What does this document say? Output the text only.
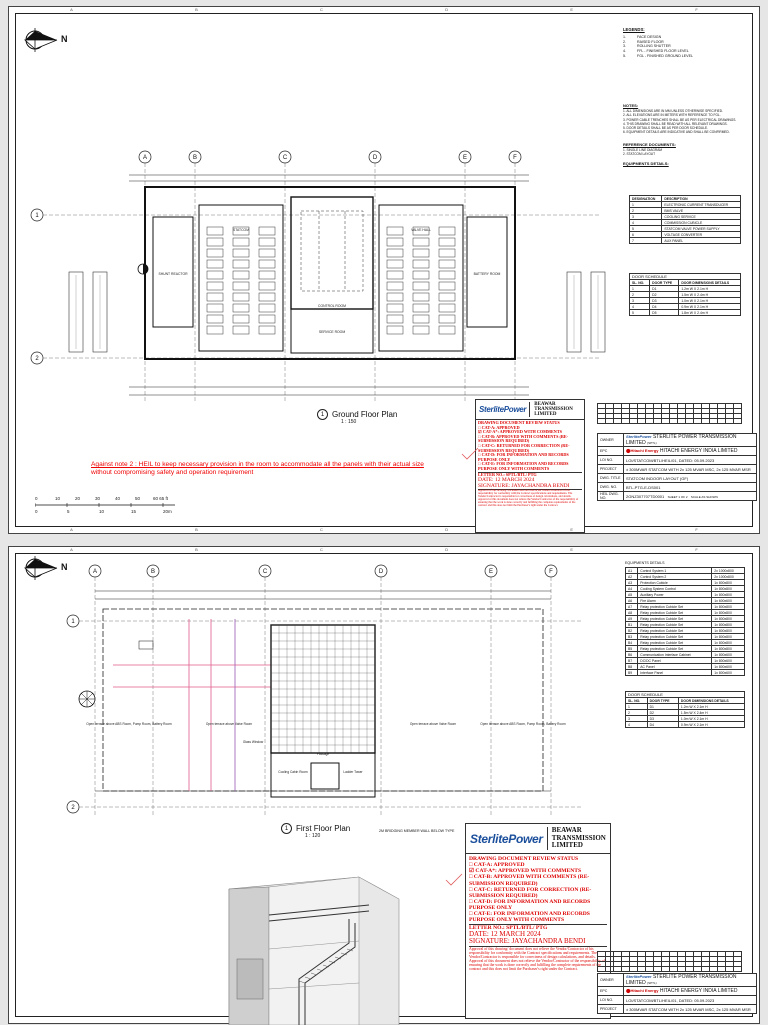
A	B	C	D	E	F
N
A	B	C	D	E	F
1
2
SHUNT REACTOR
STATCOM
CONTROL ROOM
SERVICE ROOM
VALVE HALL
BATTERY ROOM
1 Ground Floor Plan
1 : 150
LEGENDS:
1.	FACE DESIGN
2.	RAISED FLOOR
3.	ROLLING SHUTTER
4.	FFL - FINISHED FLOOR LEVEL
5.	FGL - FINISHED GROUND LEVEL
NOTES:
1. ALL DIMENSIONS ARE IN MM UNLESS OTHERWISE SPECIFIED.
2. ALL ELEVATIONS ARE IN METERS WITH REFERENCE TO FGL.
3. POWER CABLE TRENCHES SHALL BE AS PER ELECTRICAL DRAWINGS.
4. THIS DRAWING SHALL BE READ WITH ALL RELEVANT DRAWINGS.
5. DOOR DETAILS SHALL BE AS PER DOOR SCHEDULE.
6. EQUIPMENT DETAILS ARE INDICATIVE AND SHALL BE CONFIRMED.
REFERENCE DOCUMENTS:
1. SINGLE LINE DIAGRAM
2. STATCOM LAYOUT
EQUIPMENTS DETAILS:
DESIGNATION	DESCRIPTION
1	ELECTRONIC CURRENT TRANSDUCER
2	BMS VALVE
3	COOLING SERVICE
4	COMMISSION CUBICLE
5	STATCOM VALVE POWER SUPPLY
6	VOLTAGE CONVERTER
7	AUX PANEL
DOOR SCHEDULE		
SL. NO.	DOOR TYPE	DOOR DIMENSIONS DETAILS
1	D1	1.2m W X 2.1m H
2	D2	1.5m W X 2.4m H
3	D3	1.0m W X 2.1m H
4	D4	0.9m W X 2.1m H
5	D5	1.8m W X 2.4m H
SterlitePower
BEAWAR
TRANSMISSION
LIMITED
DRAWING DOCUMENT REVIEW STATUS
□ CAT-A: APPROVED
☑ CAT-A*: APPROVED WITH COMMENTS
□ CAT-B: APPROVED WITH COMMENTS (RE-SUBMISSION REQUIRED)
□ CAT-C: RETURNED FOR CORRECTION (RE-SUBMISSION REQUIRED)
□ CAT-D: FOR INFORMATION AND RECORDS PURPOSE ONLY
□ CAT-E: FOR INFORMATION AND RECORDS PURPOSE ONLY WITH COMMENTS
LETTER NO.: SPTL/BTL/ PTG
DATE: 12 MARCH 2024
SIGNATURE: JAYACHANDRA BENDI
Approval of this drawing/ document does not relieve the Vendor/Contractor of his responsibility for conformity with the Contract specifications and requirements. The Vendor/Contractor is responsible for correctness of design calculations, and details. Approval of this document does not relieve the Vendor/Contractor of the responsibility of ensuring that the work is done correctly and fulfilling the complete requirements of the contract and this does not limit the Purchaser's right under the Contract.
Against note 2 : HEIL to keep necessary provision in the room to accommodate all the panels with their actual size
without compromising safety and operation requirement
0	10	20	30	40	50	60 65 ft
0	5	10	15	20m

OWNER	SterlitePower STERLITE POWER TRANSMISSION LIMITED (SPTL)
EPC	⬤Hitachi Energy HITACHI ENERGY INDIA LIMITED
LOI NO.	LOI/STATCOM/BTL/HEIL/01, DATED: 05.09.2023
PROJECT	± 300MVAR STATCOM WITH 2x 125 MVAR MSC, 2x 125 MVAR MSR
DWG. TITLE	STATCOM INDOOR LAYOUT (GF)
DWG. NO.	BTL-PTG-E-DS001
HEIL DWG. NO.	2GNZ307707TD0001 SHEET 1 OF 2 SCALE AS SHOWN
A	B	C	D	E	F
A	B	C	D	E	F
N	A	B	C	D	E	F
1
2
Open terrace above ABS Room, Pump Room, Battery Room	Open terrace above Valve Room	Open terrace above Valve Room	Open terrace above ABS Room, Pump Room, Battery Room
Glass Window
Passage
Cooling Cabin Room	Ladder Tower
1 First Floor Plan
1 : 120
2M BRIDGING MEMBER WALL BELOW TYPE
EQUIPMENTS DETAILS
A1	Control System 1	2x 1000x800
A2	Control System 2	2x 1000x800
A3	Protection Cubicle	1x 800x800
A4	Cooling System Control	1x 800x800
A5	Auxiliary Power	1x 800x800
A6	Fire Alarm	1x 600x600
A7	Relay protection Cubicle Set	1x 800x800
A8	Relay protection Cubicle Set	1x 800x800
A9	Relay protection Cubicle Set	1x 800x800
B1	Relay protection Cubicle Set	1x 800x800
B2	Relay protection Cubicle Set	1x 800x800
B3	Relay protection Cubicle Set	1x 800x800
B4	Relay protection Cubicle Set	1x 800x800
B5	Relay protection Cubicle Set	1x 800x800
B6	Communication Interface Cabinet	1x 800x600
B7	DC/DC Panel	1x 800x600
B8	AC Panel	1x 800x600
B9	Interface Panel	1x 800x600
DOOR SCHEDULE		
SL. NO.	DOOR TYPE	DOOR DIMENSIONS DETAILS
1	D1	1.2m W X 2.1m H
2	D2	1.5m W X 2.4m H
3	D3	1.0m W X 2.1m H
4	D4	0.9m W X 2.1m H
SterlitePower
BEAWAR
TRANSMISSION
LIMITED
DRAWING DOCUMENT REVIEW STATUS
□ CAT-A: APPROVED
☑ CAT-A*: APPROVED WITH COMMENTS
□ CAT-B: APPROVED WITH COMMENTS (RE-SUBMISSION REQUIRED)
□ CAT-C: RETURNED FOR CORRECTION (RE-SUBMISSION REQUIRED)
□ CAT-D: FOR INFORMATION AND RECORDS PURPOSE ONLY
□ CAT-E: FOR INFORMATION AND RECORDS PURPOSE ONLY WITH COMMENTS
LETTER NO.: SPTL/BTL/ PTG
DATE: 12 MARCH 2024
SIGNATURE: JAYACHANDRA BENDI
Approval of this drawing/ document does not relieve the Vendor/Contractor of his responsibility for conformity with the Contract specifications and requirements. The Vendor/Contractor is responsible for correctness of design calculations, and details. Approval of this document does not relieve the Vendor/Contractor of the responsibility of ensuring that the work is done correctly and fulfilling the complete requirements of the contract and this does not limit the Purchaser's right under the Contract.

OWNER	SterlitePower STERLITE POWER TRANSMISSION LIMITED (SPTL)
EPC	⬤Hitachi Energy HITACHI ENERGY INDIA LIMITED
LOI NO.	LOI/STATCOM/BTL/HEIL/01, DATED: 05.09.2023
PROJECT	± 300MVAR STATCOM WITH 2x 125 MVAR MSC, 2x 125 MVAR MSR
